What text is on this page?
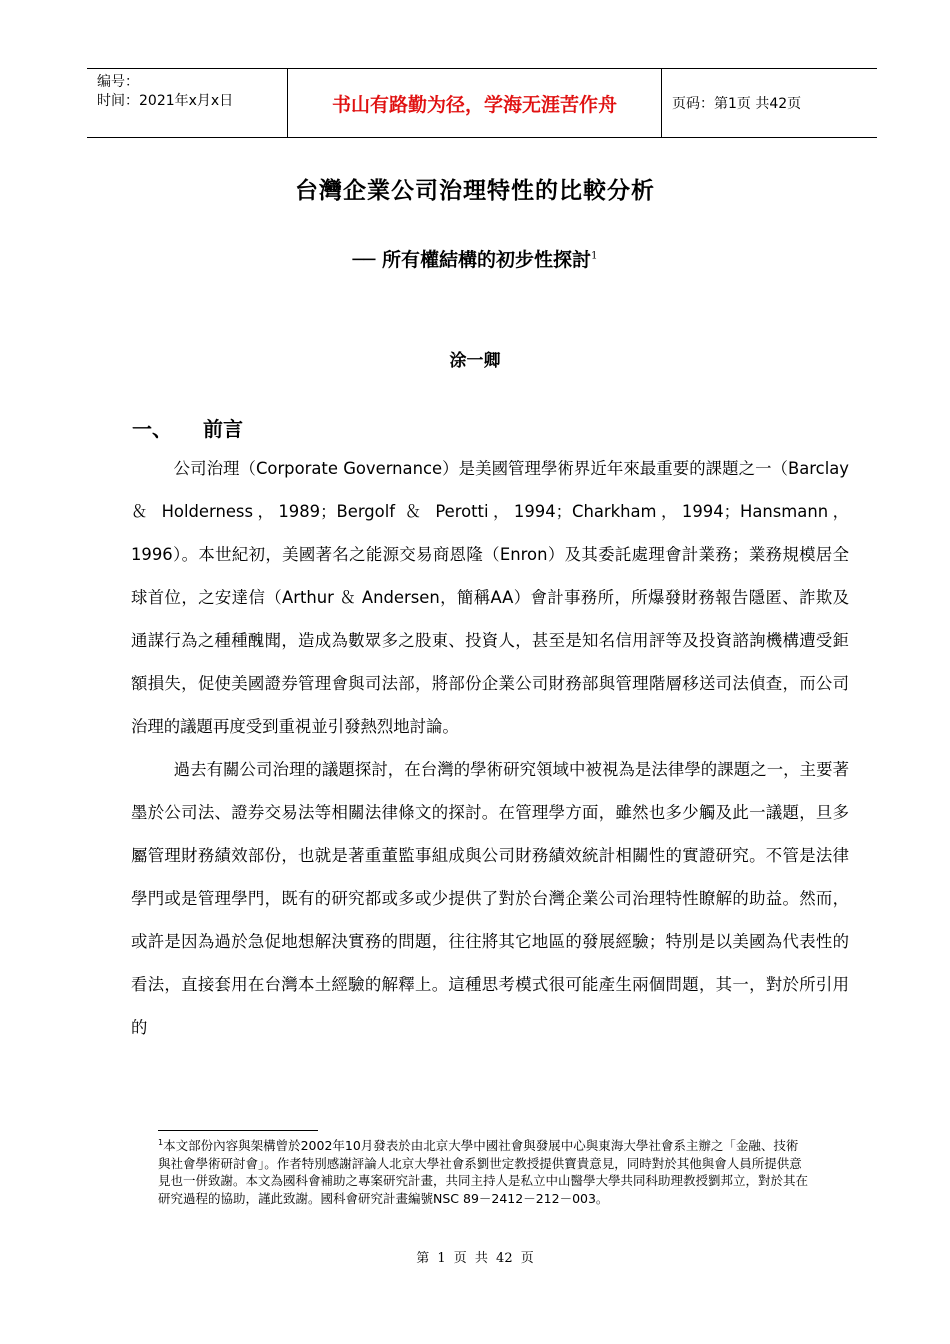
编号：
时间：2021年x月x日	书山有路勤为径，学海无涯苦作舟	页码：第1页 共42页
台灣企業公司治理特性的比較分析
── 所有權結構的初步性探討$^1$
涂一卿
一、 前言

公司治理（Corporate Governance）是美國管理學術界近年來最重要的課題之一（Barclay ＆ Holderness，1989；Bergolf ＆ Perotti，1994；Charkham，1994；Hansmann，1996）。本世紀初，美國著名之能源交易商恩隆（Enron）及其委託處理會計業務；業務規模居全球首位，之安達信（Arthur ＆ Andersen，簡稱AA）會計事務所，所爆發財務報告隱匿、詐欺及通謀行為之種種醜聞，造成為數眾多之股東、投資人，甚至是知名信用評等及投資諮詢機構遭受鉅額損失，促使美國證券管理會與司法部，將部份企業公司財務部與管理階層移送司法偵查，而公司治理的議題再度受到重視並引發熱烈地討論。

過去有關公司治理的議題探討，在台灣的學術研究領域中被視為是法律學的課題之一，主要著墨於公司法、證券交易法等相關法律條文的探討。在管理學方面，雖然也多少觸及此一議題，旦多屬管理財務績效部份，也就是著重董監事組成與公司財務績效統計相關性的實證研究。不管是法律學門或是管理學門，既有的研究都或多或少提供了對於台灣企業公司治理特性瞭解的助益。然而，或許是因為過於急促地想解決實務的問題，往往將其它地區的發展經驗；特別是以美國為代表性的看法，直接套用在台灣本土經驗的解釋上。這種思考模式很可能產生兩個問題，其一，對於所引用的

$^1$本文部份內容與架構曾於2002年10月發表於由北京大學中國社會與發展中心與東海大學社會系主辦之「金融、技術與社會學術研討會」。作者特別感謝評論人北京大學社會系劉世定教授提供寶貴意見，同時對於其他與會人員所提供意見也一併致謝。本文為國科會補助之專案研究計畫，共同主持人是私立中山醫學大學共同科助理教授劉邦立，對於其在研究過程的協助，謹此致謝。國科會研究計畫編號NSC 89－2412－212－003。
第 1 页 共 42 页
